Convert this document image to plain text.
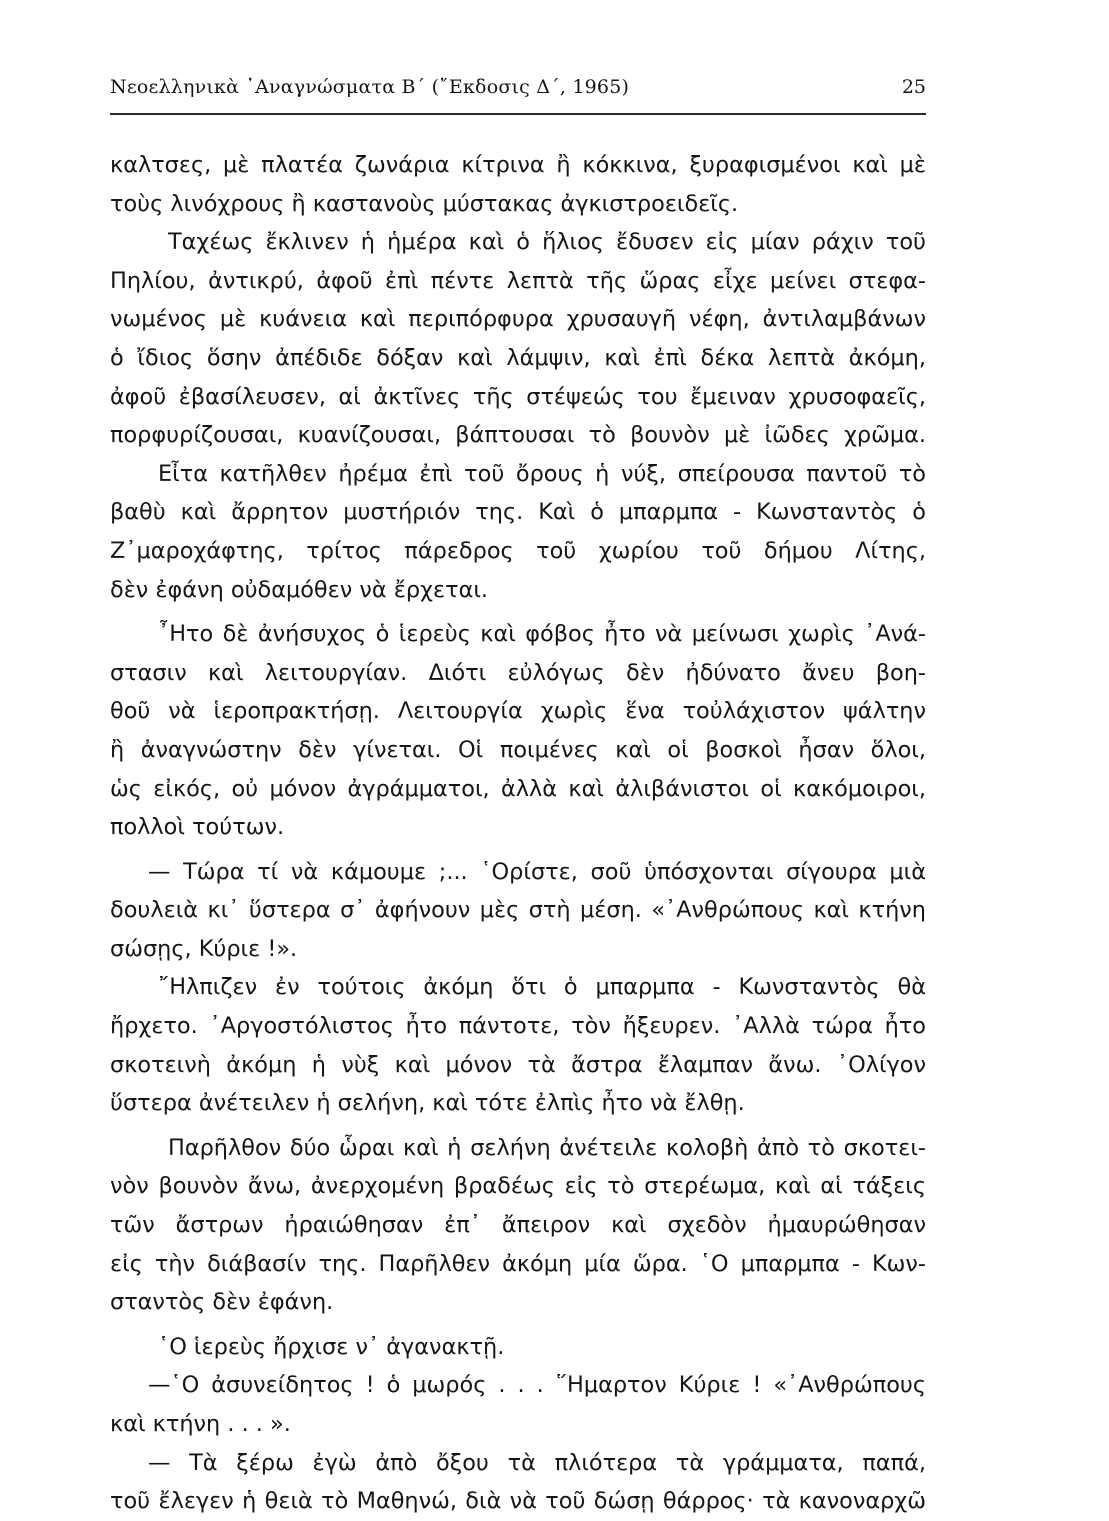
Νεοελληνικὰ ᾿Αναγνώσματα Β΄ (῎Εκδοσις Δ΄, 1965)	25
καλτσες, μὲ πλατέα ζωνάρια κίτρινα ἢ κόκκινα, ξυραφισμένοι καὶ μὲ
τοὺς λινόχρους ἢ καστανοὺς μύστακας ἀγκιστροειδεῖς.
Ταχέως ἔκλινεν ἡ ἡμέρα καὶ ὁ ἥλιος ἔδυσεν εἰς μίαν ράχιν τοῦ
Πηλίου, ἀντικρύ, ἀφοῦ ἐπὶ πέντε λεπτὰ τῆς ὥρας εἶχε μείνει στεφα-
νωμένος μὲ κυάνεια καὶ περιπόρφυρα χρυσαυγῆ νέφη, ἀντιλαμβάνων
ὁ ἴδιος ὅσην ἀπέδιδε δόξαν καὶ λάμψιν, καὶ ἐπὶ δέκα λεπτὰ ἀκόμη,
ἀφοῦ ἐβασίλευσεν, αἱ ἀκτῖνες τῆς στέψεώς του ἔμειναν χρυσοφαεῖς,
πορφυρίζουσαι, κυανίζουσαι, βάπτουσαι τὸ βουνὸν μὲ ἰῶδες χρῶμα.
Εἶτα κατῆλθεν ἠρέμα ἐπὶ τοῦ ὄρους ἡ νύξ, σπείρουσα παντοῦ τὸ
βαθὺ καὶ ἄρρητον μυστήριόν της. Καὶ ὁ μπαρμπα - Κωνσταντὸς ὁ
Ζ᾿μαροχάφτης, τρίτος πάρεδρος τοῦ χωρίου τοῦ δήμου Λίτης,
δὲν ἐφάνη οὐδαμόθεν νὰ ἔρχεται.
῏Ητο δὲ ἀνήσυχος ὁ ἱερεὺς καὶ φόβος ἦτο νὰ μείνωσι χωρὶς ᾿Ανά-
στασιν καὶ λειτουργίαν. Διότι εὐλόγως δὲν ἠδύνατο ἄνευ βοη-
θοῦ νὰ ἱεροπρακτήσῃ. Λειτουργία χωρὶς ἕνα τοὐλάχιστον ψάλτην
ἢ ἀναγνώστην δὲν γίνεται. Οἱ ποιμένες καὶ οἱ βοσκοὶ ἦσαν ὅλοι,
ὡς εἰκός, οὐ μόνον ἀγράμματοι, ἀλλὰ καὶ ἀλιβάνιστοι οἱ κακόμοιροι,
πολλοὶ τούτων.
— Τώρα τί νὰ κάμουμε ;... ῾Ορίστε, σοῦ ὑπόσχονται σίγουρα μιὰ
δουλειὰ κι᾿ ὕστερα σ᾿ ἀφήνουν μὲς στὴ μέση. «᾿Ανθρώπους καὶ κτήνη
σώσῃς, Κύριε !».
῎Ηλπιζεν ἐν τούτοις ἀκόμη ὅτι ὁ μπαρμπα - Κωνσταντὸς θὰ
ἤρχετο. ᾿Αργοστόλιστος ἦτο πάντοτε, τὸν ἤξευρεν. ᾿Αλλὰ τώρα ἦτο
σκοτεινὴ ἀκόμη ἡ νὺξ καὶ μόνον τὰ ἄστρα ἔλαμπαν ἄνω. ᾿Ολίγον
ὕστερα ἀνέτειλεν ἡ σελήνη, καὶ τότε ἐλπὶς ἦτο νὰ ἔλθῃ.
Παρῆλθον δύο ὧραι καὶ ἡ σελήνη ἀνέτειλε κολοβὴ ἀπὸ τὸ σκοτει-
νὸν βουνὸν ἄνω, ἀνερχομένη βραδέως εἰς τὸ στερέωμα, καὶ αἱ τάξεις
τῶν ἄστρων ἠραιώθησαν ἐπ᾿ ἄπειρον καὶ σχεδὸν ἠμαυρώθησαν
εἰς τὴν διάβασίν της. Παρῆλθεν ἀκόμη μία ὥρα. ῾Ο μπαρμπα - Κων-
σταντὸς δὲν ἐφάνη.
῾Ο ἱερεὺς ἤρχισε ν᾿ ἀγανακτῇ.
—῾Ο ἀσυνείδητος ! ὁ μωρός . . . ῞Ημαρτον Κύριε ! «᾿Ανθρώπους
καὶ κτήνη . . . ».
— Τὰ ξέρω ἐγὼ ἀπὸ ὄξου τὰ πλιότερα τὰ γράμματα, παπά,
τοῦ ἔλεγεν ἡ θειὰ τὸ Μαθηνώ, διὰ νὰ τοῦ δώσῃ θάρρος· τὰ κανοναρχῶ
